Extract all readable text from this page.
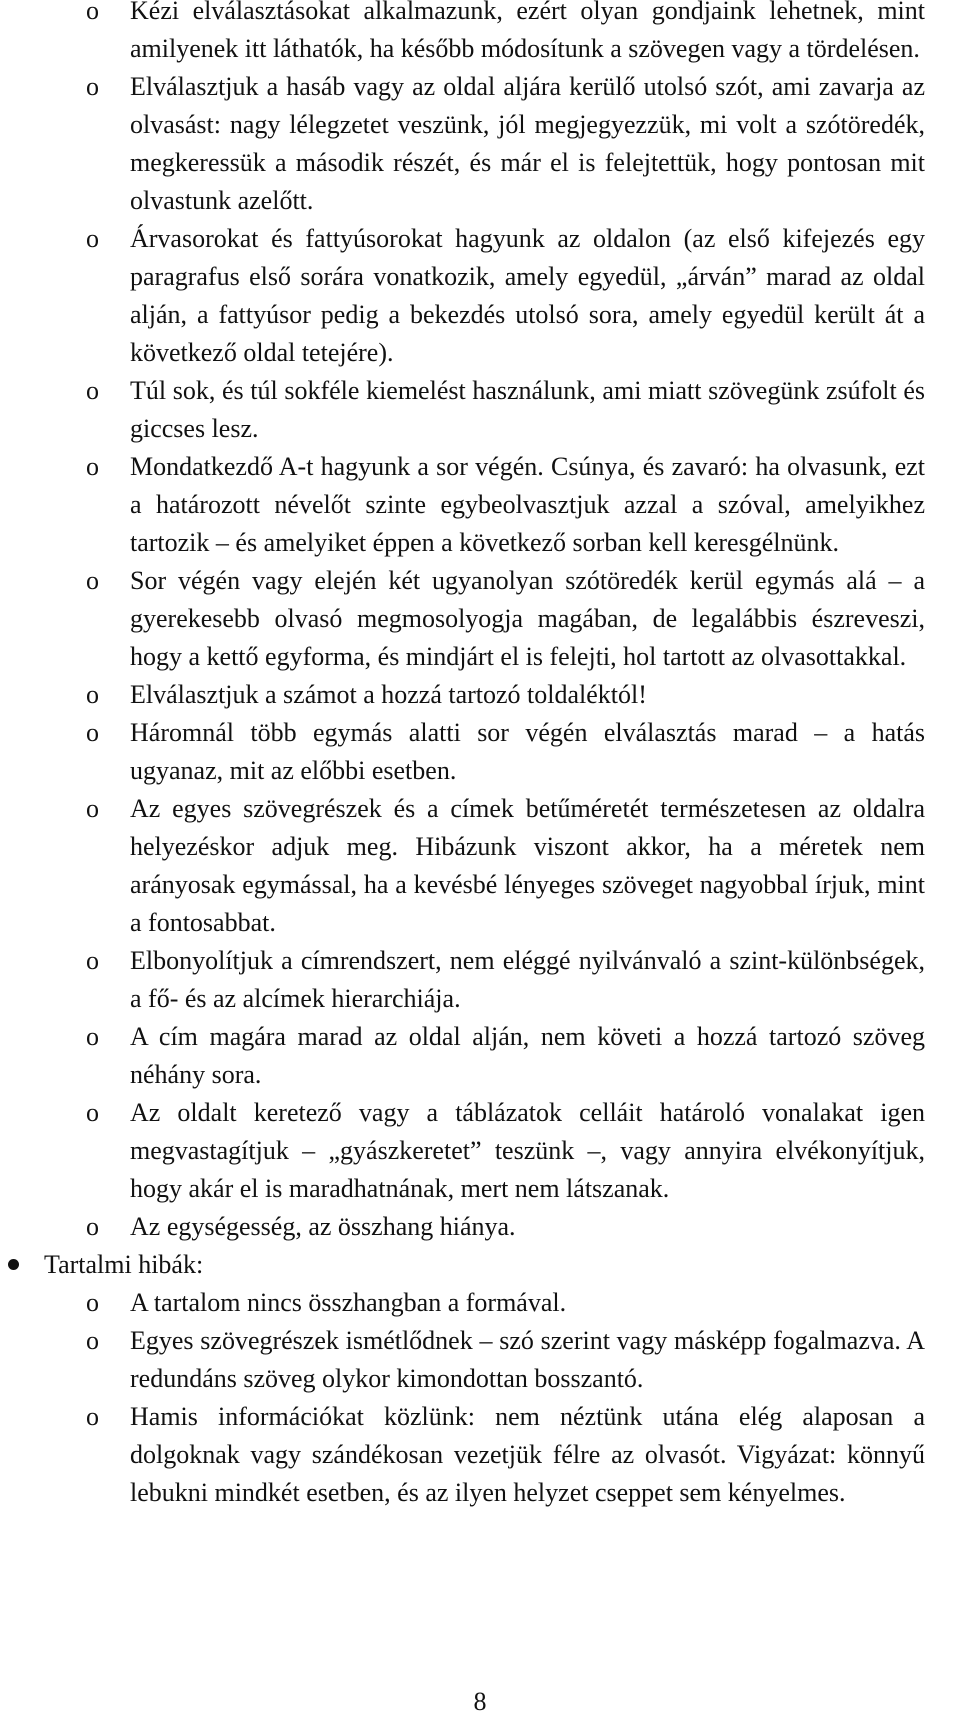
o Kézi elválasztásokat alkalmazunk, ezért olyan gondjaink lehetnek, mint amilyenek itt láthatók, ha később módosítunk a szövegen vagy a tördelésen.
o Elválasztjuk a hasáb vagy az oldal aljára kerülő utolsó szót, ami zavarja az olvasást: nagy lélegzetet veszünk, jól megjegyezzük, mi volt a szótöredék, megkeressük a második részét, és már el is felejtettük, hogy pontosan mit olvastunk azelőtt.
o Árvasorokat és fattyúsorokat hagyunk az oldalon (az első kifejezés egy paragrafus első sorára vonatkozik, amely egyedül, „árván” marad az oldal alján, a fattyúsor pedig a bekezdés utolsó sora, amely egyedül került át a következő oldal tetejére).
o Túl sok, és túl sokféle kiemelést használunk, ami miatt szövegünk zsúfolt és giccses lesz.
o Mondatkezdő A-t hagyunk a sor végén. Csúnya, és zavaró: ha olvasunk, ezt a határozott névelőt szinte egybeolvasztjuk azzal a szóval, amelyikhez tartozik – és amelyiket éppen a következő sorban kell keresgélnünk.
o Sor végén vagy elején két ugyanolyan szótöredék kerül egymás alá – a gyerekesebb olvasó megmosolyogja magában, de legalábbis észreveszi, hogy a kettő egyforma, és mindjárt el is felejti, hol tartott az olvasottakkal.
o Elválasztjuk a számot a hozzá tartozó toldaléktól!
o Háromnál több egymás alatti sor végén elválasztás marad – a hatás ugyanaz, mit az előbbi esetben.
o Az egyes szövegrészek és a címek betűméretét természetesen az oldalra helyezéskor adjuk meg. Hibázunk viszont akkor, ha a méretek nem arányosak egymással, ha a kevésbé lényeges szöveget nagyobbal írjuk, mint a fontosabbat.
o Elbonyolítjuk a címrendszert, nem eléggé nyilvánvaló a szint-különbségek, a fő- és az alcímek hierarchiája.
o A cím magára marad az oldal alján, nem követi a hozzá tartozó szöveg néhány sora.
o Az oldalt keretező vagy a táblázatok celláit határoló vonalakat igen megvastagítjuk – „gyászkeretet” teszünk –, vagy annyira elvékonyítjuk, hogy akár el is maradhatnának, mert nem látszanak.
o Az egységesség, az összhang hiánya.
Tartalmi hibák:
o A tartalom nincs összhangban a formával.
o Egyes szövegrészek ismétlődnek – szó szerint vagy másképp fogalmazva. A redundáns szöveg olykor kimondottan bosszantó.
o Hamis információkat közlünk: nem néztünk utána elég alaposan a dolgoknak vagy szándékosan vezetjük félre az olvasót. Vigyázat: könnyű lebukni mindkét esetben, és az ilyen helyzet cseppet sem kényelmes.
8
